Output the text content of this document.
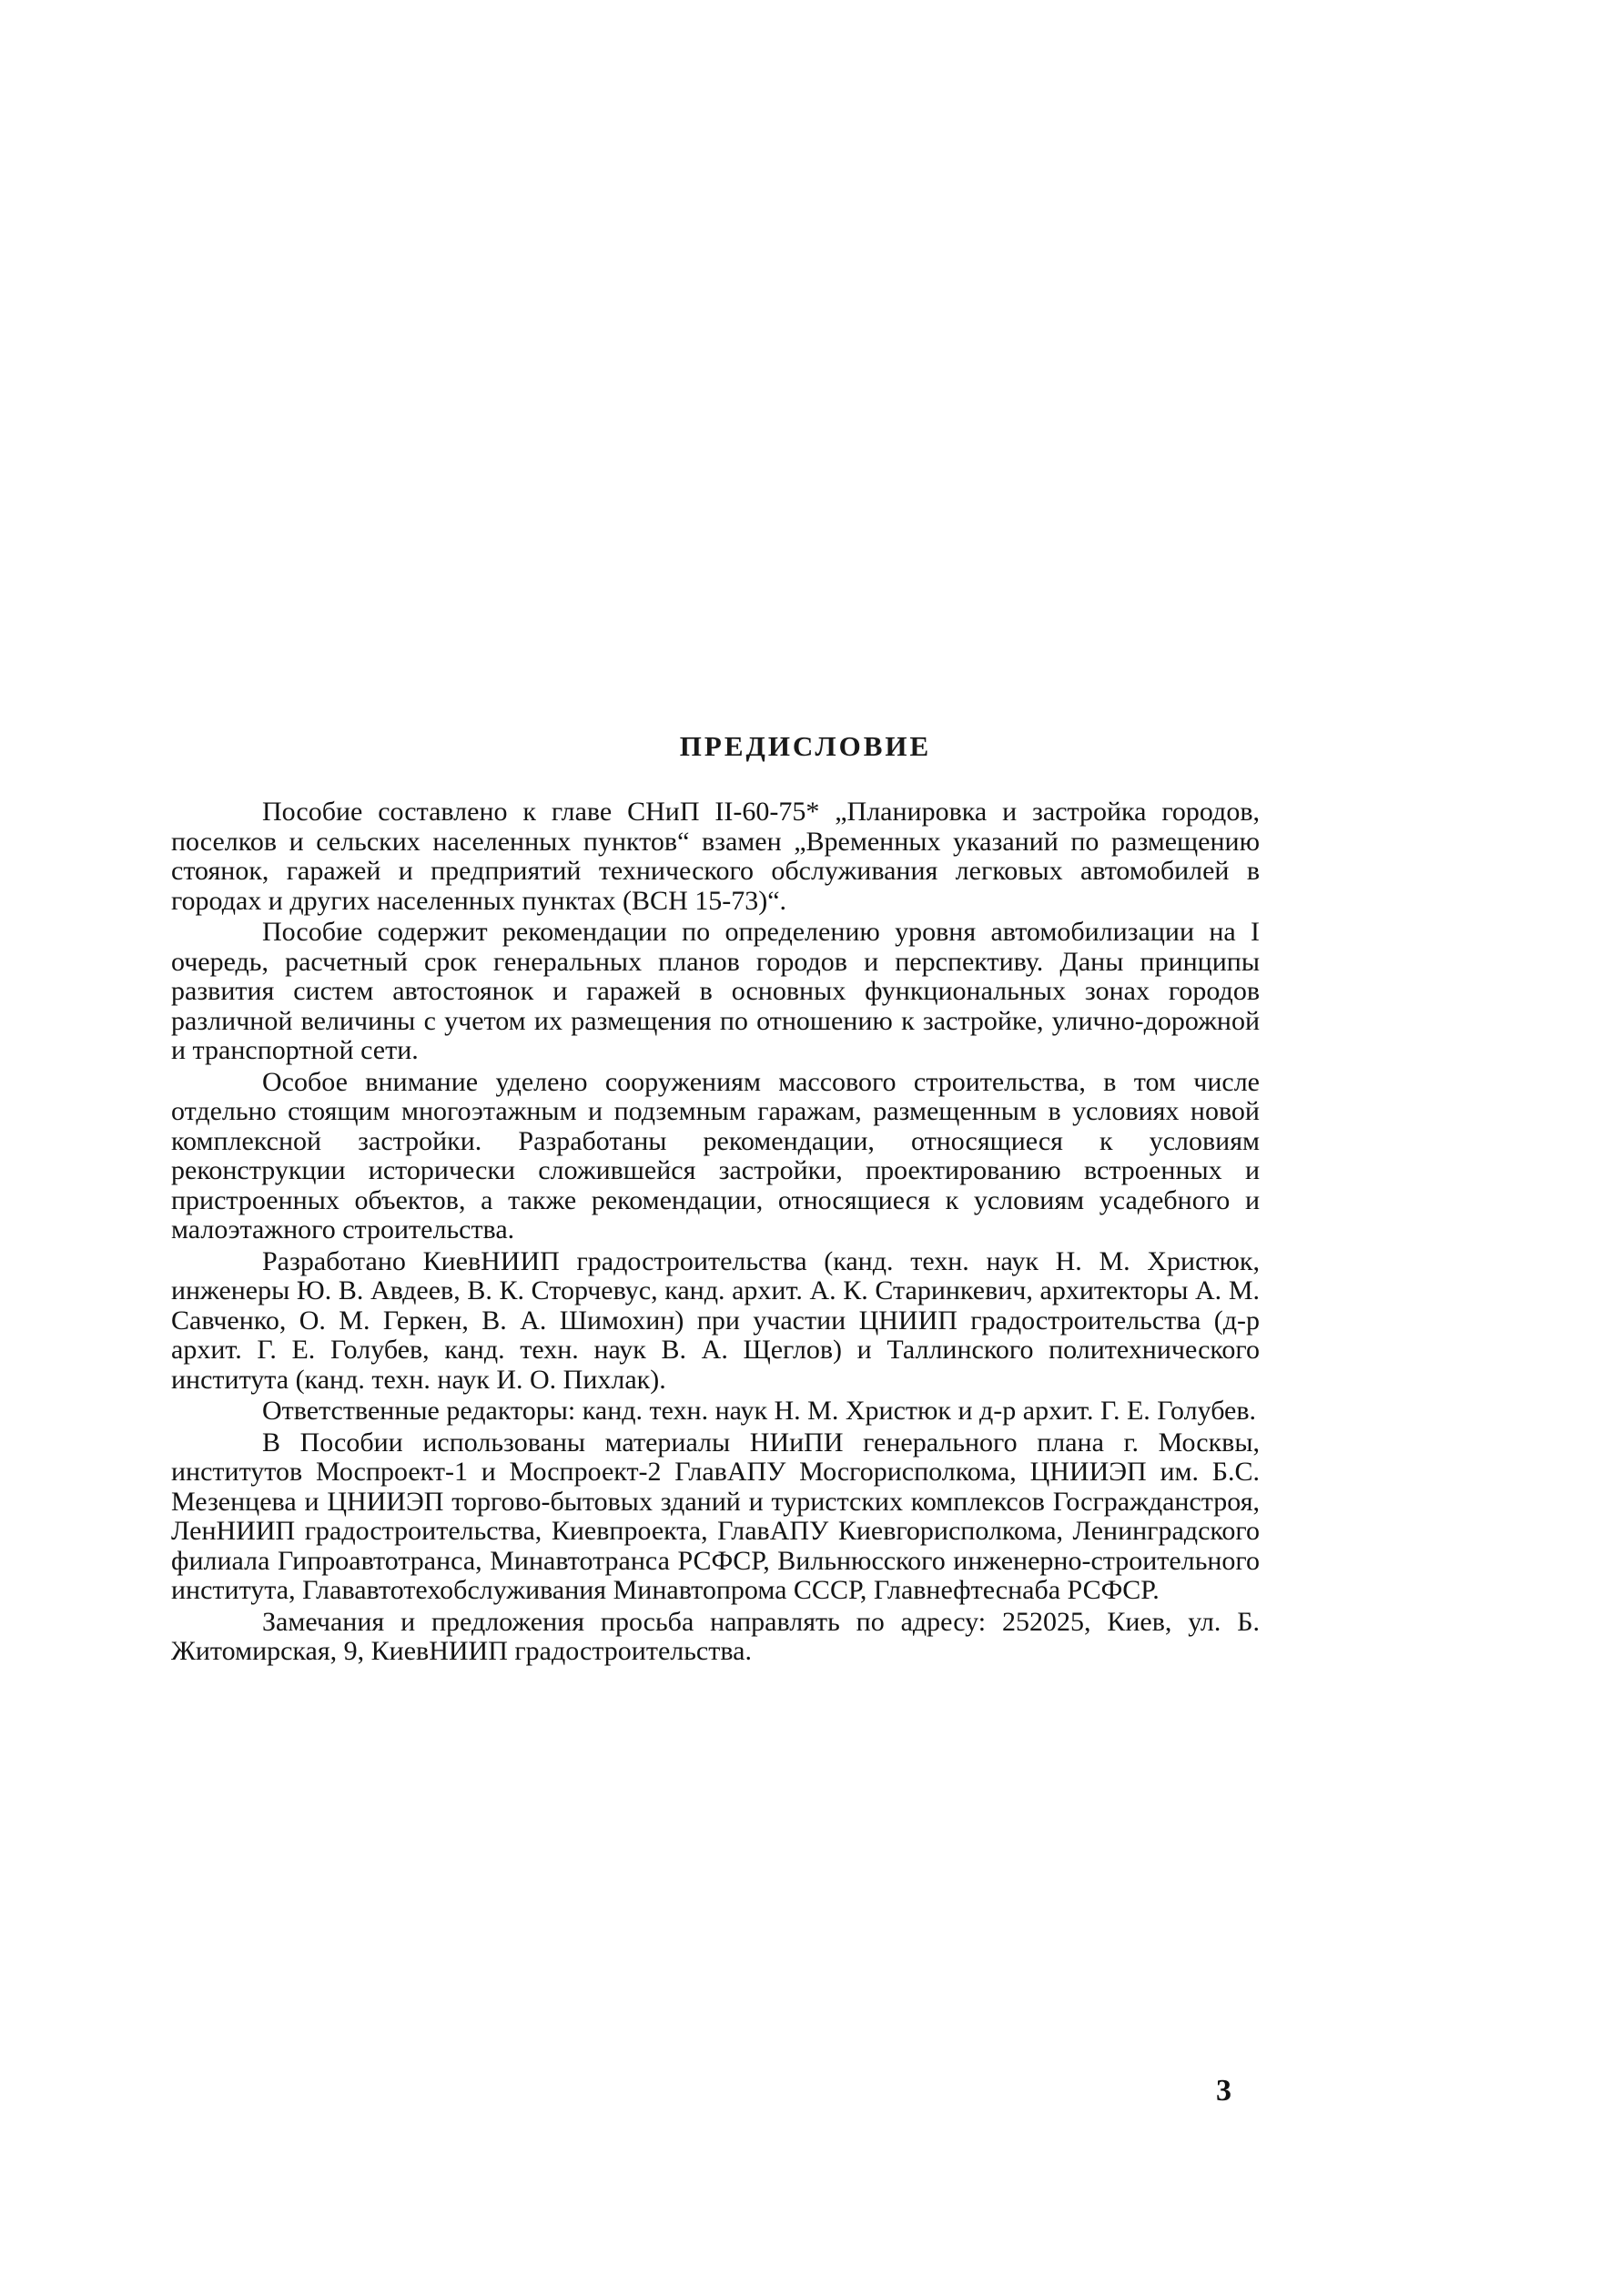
ПРЕДИСЛОВИЕ

Пособие составлено к главе СНиП II-60-75* „Планировка и застройка городов, поселков и сельских населенных пунктов“ взамен „Временных указаний по размещению стоянок, гаражей и предприятий технического обслуживания легковых автомобилей в городах и других населенных пунктах (ВСН 15-73)“.

Пособие содержит рекомендации по определению уровня автомобилизации на I очередь, расчетный срок генеральных планов городов и перспективу. Даны принципы развития систем автостоянок и гаражей в основных функциональных зонах городов различной величины с учетом их размещения по отношению к застройке, улично-дорожной и транспортной сети.

Особое внимание уделено сооружениям массового строительства, в том числе отдельно стоящим многоэтажным и подземным гаражам, размещенным в условиях новой комплексной застройки. Разработаны рекомендации, относящиеся к условиям реконструкции исторически сложившейся застройки, проектированию встроенных и пристроенных объектов, а также рекомендации, относящиеся к условиям усадебного и малоэтажного строительства.

Разработано КиевНИИП градостроительства (канд. техн. наук Н. М. Христюк, инженеры Ю. В. Авдеев, В. К. Сторчевус, канд. архит. А. К. Старинкевич, архитекторы А. М. Савченко, О. М. Геркен, В. А. Шимохин) при участии ЦНИИП градостроительства (д-р архит. Г. Е. Голубев, канд. техн. наук В. А. Щеглов) и Таллинского политехнического института (канд. техн. наук И. О. Пихлак).

Ответственные редакторы: канд. техн. наук Н. М. Христюк и д-р архит. Г. Е. Голубев.

В Пособии использованы материалы НИиПИ генерального плана г. Москвы, институтов Моспроект-1 и Моспроект-2 ГлавАПУ Мосгорисполкома, ЦНИИЭП им. Б.С. Мезенцева и ЦНИИЭП торгово-бытовых зданий и туристских комплексов Госгражданстроя, ЛенНИИП градостроительства, Киевпроекта, ГлавАПУ Киевгорисполкома, Ленинградского филиала Гипроавтотранса, Минавтотранса РСФСР, Вильнюсского инженерно-строительного института, Глававтотехобслуживания Минавтопрома СССР, Главнефтеснаба РСФСР.

Замечания и предложения просьба направлять по адресу: 252025, Киев, ул. Б. Житомирская, 9, КиевНИИП градостроительства.

3
